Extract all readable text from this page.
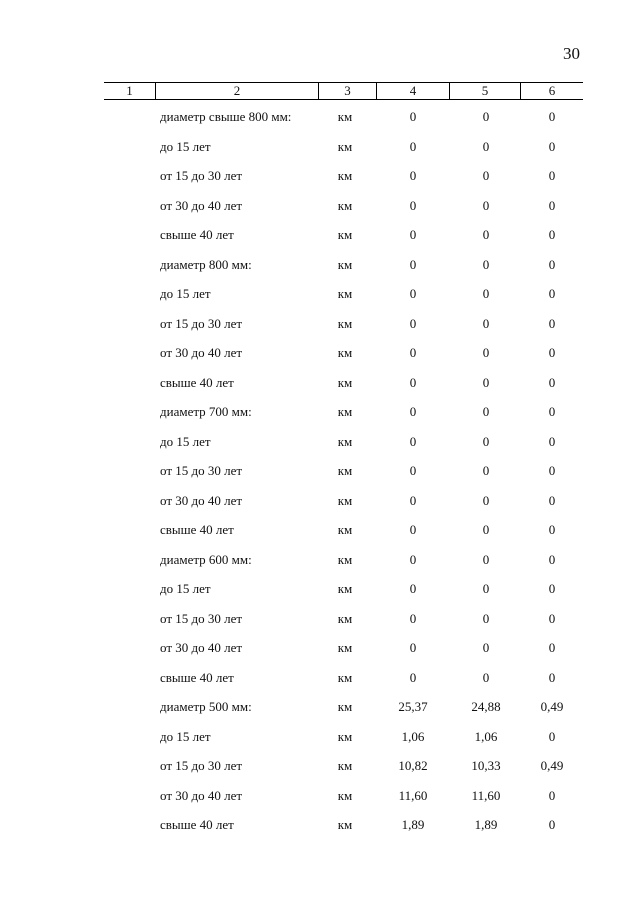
30
1	2	3	4	5	6
диаметр свыше 800 мм:	км	0	0	0
до 15 лет	км	0	0	0
от 15 до 30 лет	км	0	0	0
от 30 до 40 лет	км	0	0	0
свыше 40 лет	км	0	0	0
диаметр 800 мм:	км	0	0	0
до 15 лет	км	0	0	0
от 15 до 30 лет	км	0	0	0
от 30 до 40 лет	км	0	0	0
свыше 40 лет	км	0	0	0
диаметр 700 мм:	км	0	0	0
до 15 лет	км	0	0	0
от 15 до 30 лет	км	0	0	0
от 30 до 40 лет	км	0	0	0
свыше 40 лет	км	0	0	0
диаметр 600 мм:	км	0	0	0
до 15 лет	км	0	0	0
от 15 до 30 лет	км	0	0	0
от 30 до 40 лет	км	0	0	0
свыше 40 лет	км	0	0	0
диаметр 500 мм:	км	25,37	24,88	0,49
до 15 лет	км	1,06	1,06	0
от 15 до 30 лет	км	10,82	10,33	0,49
от 30 до 40 лет	км	11,60	11,60	0
свыше 40 лет	км	1,89	1,89	0
